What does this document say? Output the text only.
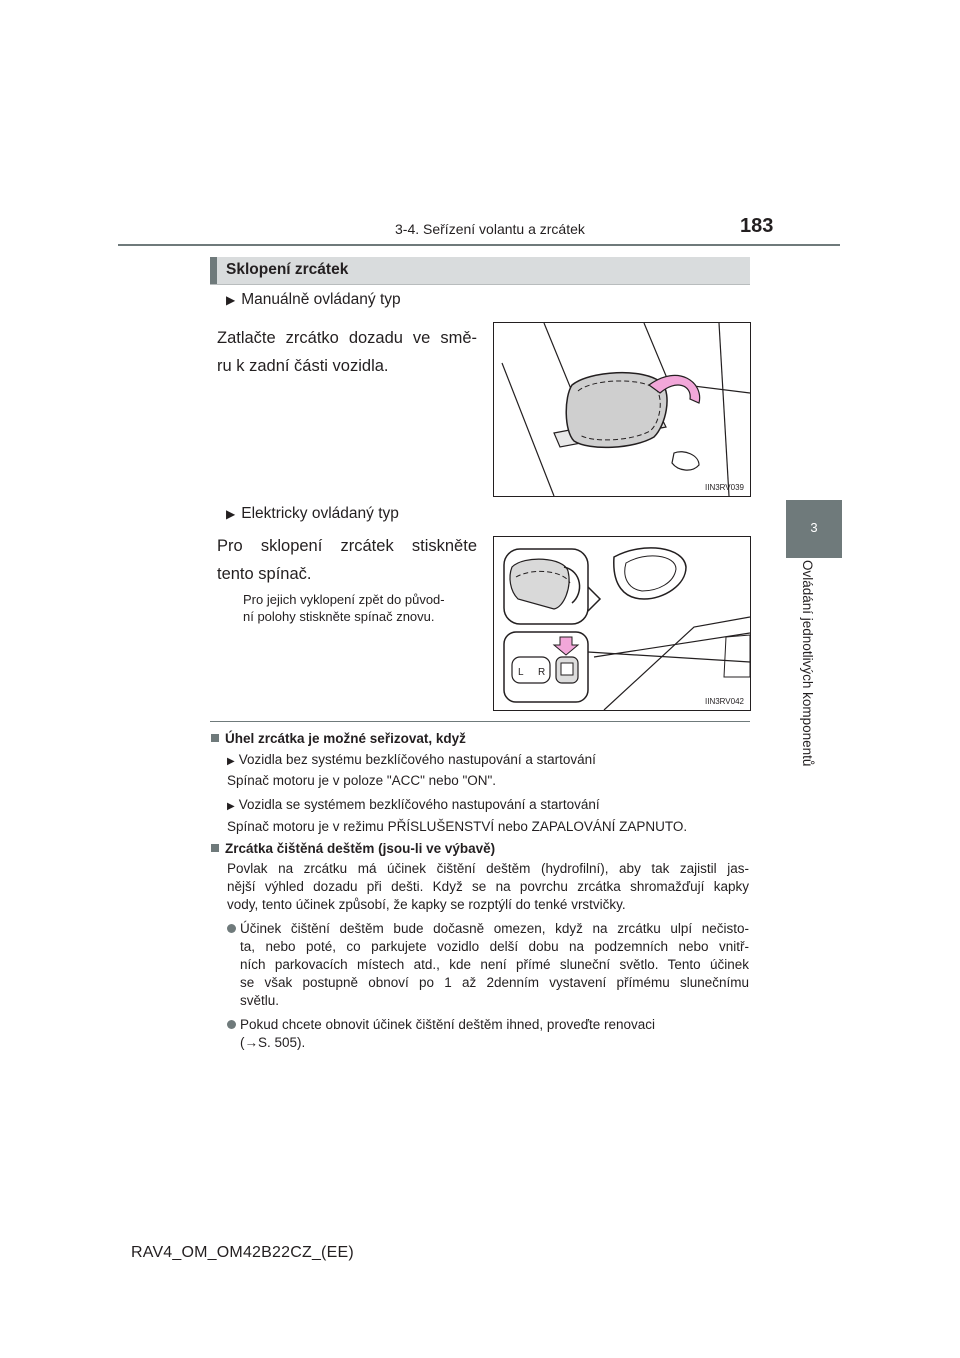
3-4. Seřízení volantu a zrcátek	183
3
Ovládání jednotlivých komponentů
Sklopení zrcátek
▶ Manuálně ovládaný typ
Zatlačte zrcátko dozadu ve smě-
ru k zadní části vozidla.
IIN3RV039
▶ Elektricky ovládaný typ
Pro sklopení zrcátek stiskněte
tento spínač.
Pro jejich vyklopení zpět do původ-
ní polohy stiskněte spínač znovu.
L R
IIN3RV042
Úhel zrcátka je možné seřizovat, když
▶ Vozidla bez systému bezklíčového nastupování a startování
Spínač motoru je v poloze "ACC" nebo "ON".
▶ Vozidla se systémem bezklíčového nastupování a startování
Spínač motoru je v režimu PŘÍSLUŠENSTVÍ nebo ZAPALOVÁNÍ ZAPNUTO.
Zrcátka čištěná deštěm (jsou-li ve výbavě)
Povlak na zrcátku má účinek čištění deštěm (hydrofilní), aby tak zajistil jas-
nější výhled dozadu při dešti. Když se na povrchu zrcátka shromažďují kapky
vody, tento účinek způsobí, že kapky se rozptýlí do tenké vrstvičky.
Účinek čištění deštěm bude dočasně omezen, když na zrcátku ulpí nečisto-
ta, nebo poté, co parkujete vozidlo delší dobu na podzemních nebo vnitř-
ních parkovacích místech atd., kde není přímé sluneční světlo. Tento účinek
se však postupně obnoví po 1 až 2denním vystavení přímému slunečnímu
světlu.
Pokud chcete obnovit účinek čištění deštěm ihned, proveďte renovaci
(→S. 505).
RAV4_OM_OM42B22CZ_(EE)
